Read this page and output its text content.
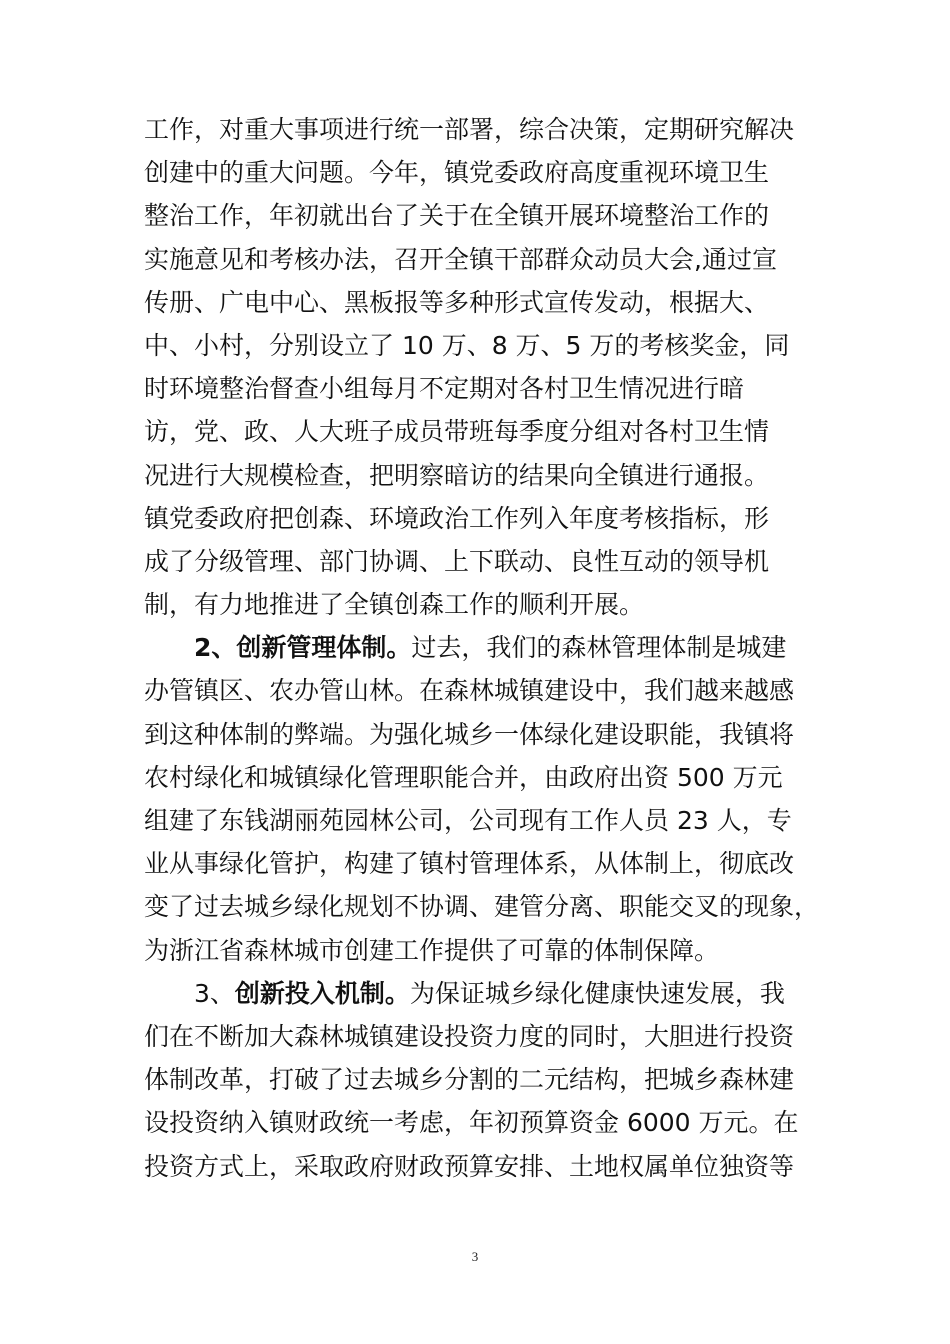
工作，对重大事项进行统一部署，综合决策，定期研究解决
创建中的重大问题。今年，镇党委政府高度重视环境卫生
整治工作，年初就出台了关于在全镇开展环境整治工作的
实施意见和考核办法，召开全镇干部群众动员大会,通过宣
传册、广电中心、黑板报等多种形式宣传发动，根据大、
中、小村，分别设立了 10 万、8 万、5 万的考核奖金，同
时环境整治督查小组每月不定期对各村卫生情况进行暗
访，党、政、人大班子成员带班每季度分组对各村卫生情
况进行大规模检查，把明察暗访的结果向全镇进行通报。
镇党委政府把创森、环境政治工作列入年度考核指标，形
成了分级管理、部门协调、上下联动、良性互动的领导机
制，有力地推进了全镇创森工作的顺利开展。
2、创新管理体制。过去，我们的森林管理体制是城建
办管镇区、农办管山林。在森林城镇建设中，我们越来越感
到这种体制的弊端。为强化城乡一体绿化建设职能，我镇将
农村绿化和城镇绿化管理职能合并，由政府出资 500 万元
组建了东钱湖丽苑园林公司，公司现有工作人员 23 人，专
业从事绿化管护，构建了镇村管理体系，从体制上，彻底改
变了过去城乡绿化规划不协调、建管分离、职能交叉的现象，
为浙江省森林城市创建工作提供了可靠的体制保障。
3、创新投入机制。为保证城乡绿化健康快速发展，我
们在不断加大森林城镇建设投资力度的同时，大胆进行投资
体制改革，打破了过去城乡分割的二元结构，把城乡森林建
设投资纳入镇财政统一考虑，年初预算资金 6000 万元。在
投资方式上，采取政府财政预算安排、土地权属单位独资等
3
